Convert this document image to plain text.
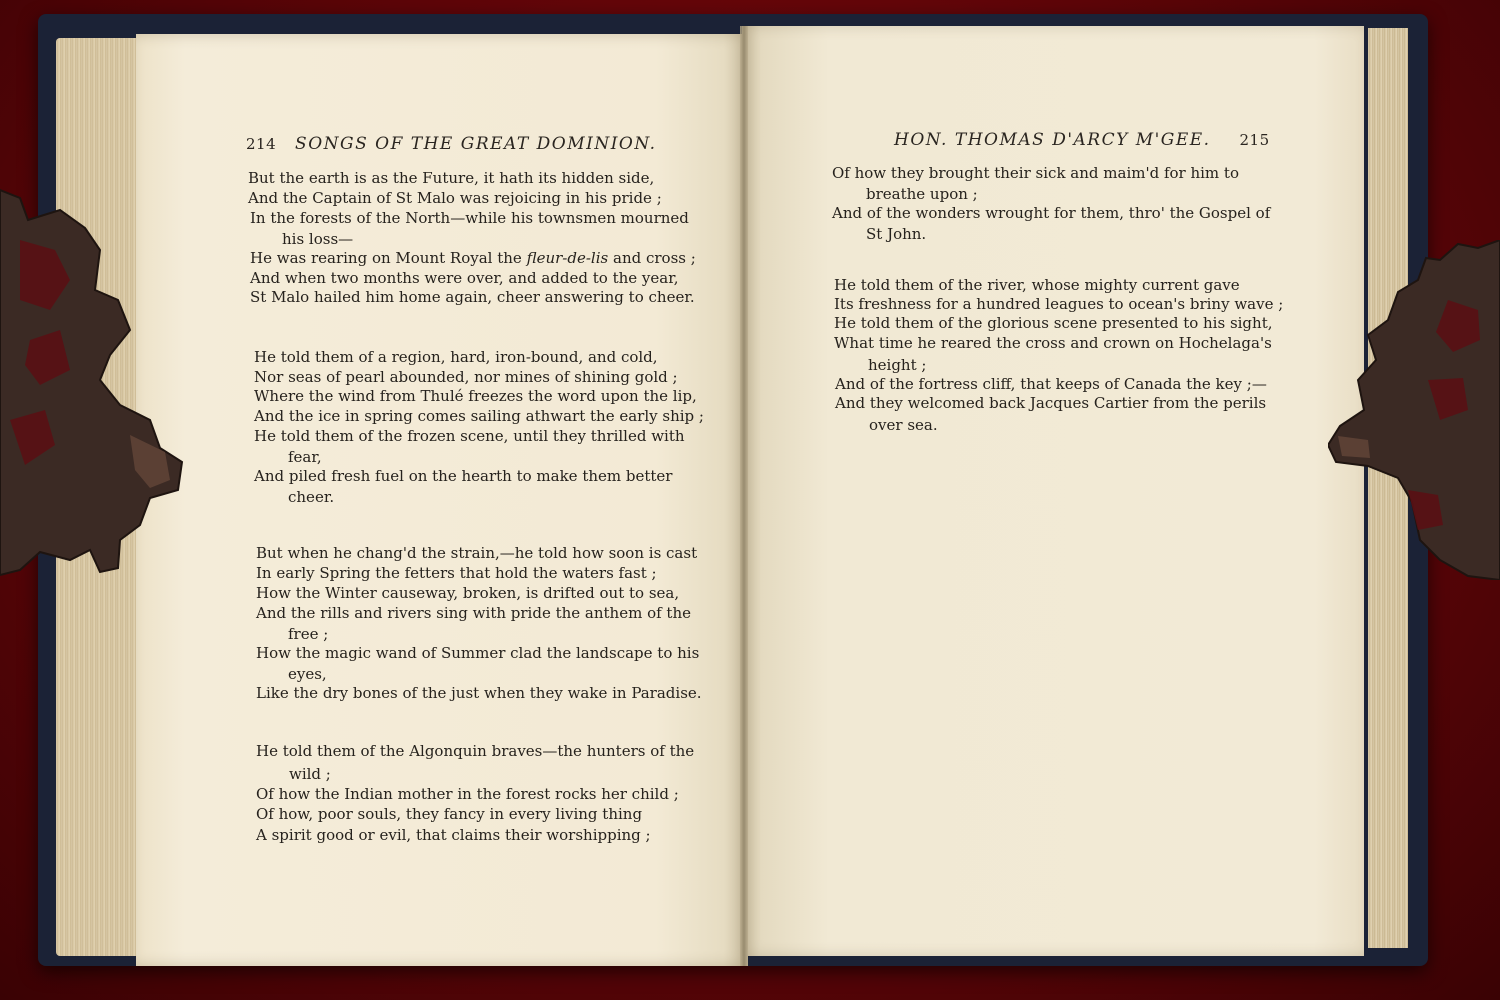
214 SONGS OF THE GREAT DOMINION.
But the earth is as the Future, it hath its hidden side,
And the Captain of St Malo was rejoicing in his pride ;
In the forests of the North—while his townsmen mourned
his loss—
He was rearing on Mount Royal the fleur-de-lis and cross ;
And when two months were over, and added to the year,
St Malo hailed him home again, cheer answering to cheer.
He told them of a region, hard, iron-bound, and cold,
Nor seas of pearl abounded, nor mines of shining gold ;
Where the wind from Thulé freezes the word upon the lip,
And the ice in spring comes sailing athwart the early ship ;
He told them of the frozen scene, until they thrilled with
fear,
And piled fresh fuel on the hearth to make them better
cheer.
But when he chang'd the strain,—he told how soon is cast
In early Spring the fetters that hold the waters fast ;
How the Winter causeway, broken, is drifted out to sea,
And the rills and rivers sing with pride the anthem of the
free ;
How the magic wand of Summer clad the landscape to his
eyes,
Like the dry bones of the just when they wake in Paradise.
He told them of the Algonquin braves—the hunters of the
wild ;
Of how the Indian mother in the forest rocks her child ;
Of how, poor souls, they fancy in every living thing
A spirit good or evil, that claims their worshipping ;
HON. THOMAS D'ARCY M'GEE. 215
Of how they brought their sick and maim'd for him to
breathe upon ;
And of the wonders wrought for them, thro' the Gospel of
St John.
He told them of the river, whose mighty current gave
Its freshness for a hundred leagues to ocean's briny wave ;
He told them of the glorious scene presented to his sight,
What time he reared the cross and crown on Hochelaga's
height ;
And of the fortress cliff, that keeps of Canada the key ;—
And they welcomed back Jacques Cartier from the perils
over sea.
